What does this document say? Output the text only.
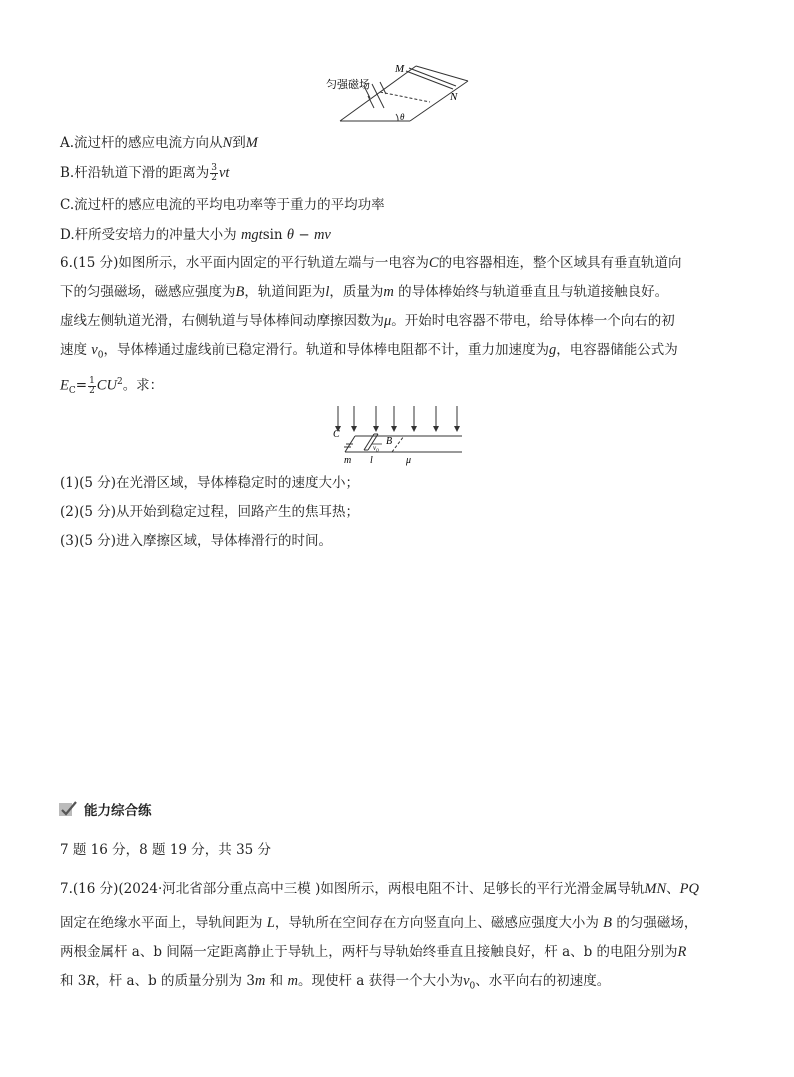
匀强磁场
M
N
θ
A.流过杆的感应电流方向从N到M
B.杆沿轨道下滑的距离为 $\frac{3}{2}$ vt
C.流过杆的感应电流的平均电功率等于重力的平均功率
D.杆所受安培力的冲量大小为 mgtsin θ − mv
6.(15 分)如图所示，水平面内固定的平行轨道左端与一电容为C的电容器相连，整个区域具有垂直轨道向
下的匀强磁场，磁感应强度为B，轨道间距为l，质量为m 的导体棒始终与轨道垂直且与轨道接触良好。
虚线左侧轨道光滑，右侧轨道与导体棒间动摩擦因数为μ。开始时电容器不带电，给导体棒一个向右的初
速度 $v_0$，导体棒通过虚线前已稳定滑行。轨道和导体棒电阻都不计，重力加速度为g，电容器储能公式为
$E_C= \frac{1}{2} CU^2$。求：
C
B
$v_0$
m l	μ
(1)(5 分)在光滑区域，导体棒稳定时的速度大小；
(2)(5 分)从开始到稳定过程，回路产生的焦耳热；
(3)(5 分)进入摩擦区域，导体棒滑行的时间。
能力综合练
7 题 16 分，8 题 19 分，共 35 分
7.(16 分)(2024·河北省部分重点高中三模 )如图所示，两根电阻不计、足够长的平行光滑金属导轨MN、PQ
固定在绝缘水平面上，导轨间距为 L，导轨所在空间存在方向竖直向上、磁感应强度大小为 B 的匀强磁场，
两根金属杆 a、b 间隔一定距离静止于导轨上，两杆与导轨始终垂直且接触良好，杆 a、b 的电阻分别为R
和 3R，杆 a、b 的质量分别为 3m 和 m。现使杆 a 获得一个大小为$v_0$、水平向右的初速度。
